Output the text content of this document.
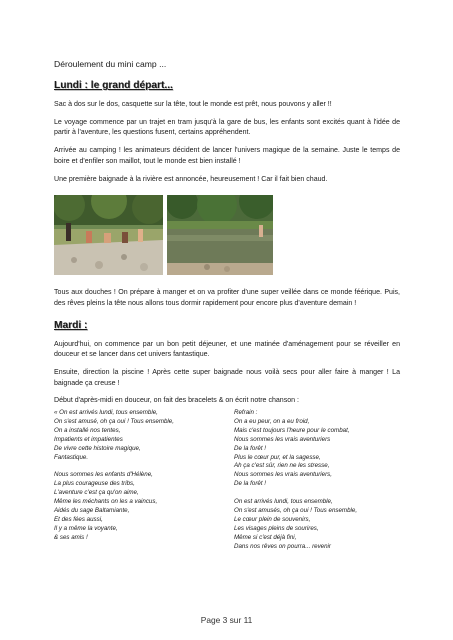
Déroulement du mini camp ...
Lundi : le grand départ...

Sac à dos sur le dos, casquette sur la tête, tout le monde est prêt, nous pouvons y aller !!

Le voyage commence par un trajet en tram jusqu'à la gare de bus, les enfants sont excités quant à l'idée de partir à l'aventure, les questions fusent, certains appréhendent.

Arrivée au camping ! les animateurs décident de lancer l'univers magique de la semaine. Juste le temps de boire et d'enfiler son maillot, tout le monde est bien installé !

Une première baignade à la rivière est annoncée, heureusement ! Car il fait bien chaud.

Tous aux douches ! On prépare à manger et on va profiter d'une super veillée dans ce monde féérique. Puis, des rêves pleins la tête nous allons tous dormir rapidement pour encore plus d'aventure demain !

Mardi :

Aujourd'hui, on commence par un bon petit déjeuner, et une matinée d'aménagement pour se réveiller en douceur et se lancer dans cet univers fantastique.

Ensuite, direction la piscine ! Après cette super baignade nous voilà secs pour aller faire à manger ! La baignade ça creuse !

Début d'après-midi en douceur, on fait des bracelets & on écrit notre chanson :

« On est arrivés lundi, tous ensemble,
On s'est amusé, oh ça oui ! Tous ensemble,
On a installé nos tentes,
Impatients et impatientes
De vivre cette histoire magique,
Fantastique.
Nous sommes les enfants d'Hélène,
La plus courageuse des tribs,
L'aventure c'est ça qu'on aime,
Même les méchants on les a vaincus,
Aidés du sage Baltamiante,
Et des fées aussi,
Il y a même la voyante,
& ses amis !
Refrain :
On a eu peur, on a eu froid,
Mais c'est toujours l'heure pour le combat,
Nous sommes les vrais aventuriers
De la forêt !
Plus le cœur pur, et la sagesse,
Ah ça c'est sûr, rien ne les stresse,
Nous sommes les vrais aventuriers,
De la forêt !
On est arrivés lundi, tous ensemble,
On s'est amusés, oh ça oui ! Tous ensemble,
Le cœur plein de souvenirs,
Les visages pleins de sourires,
Même si c'est déjà fini,
Dans nos rêves on pourra... revenir
Page 3 sur 11
